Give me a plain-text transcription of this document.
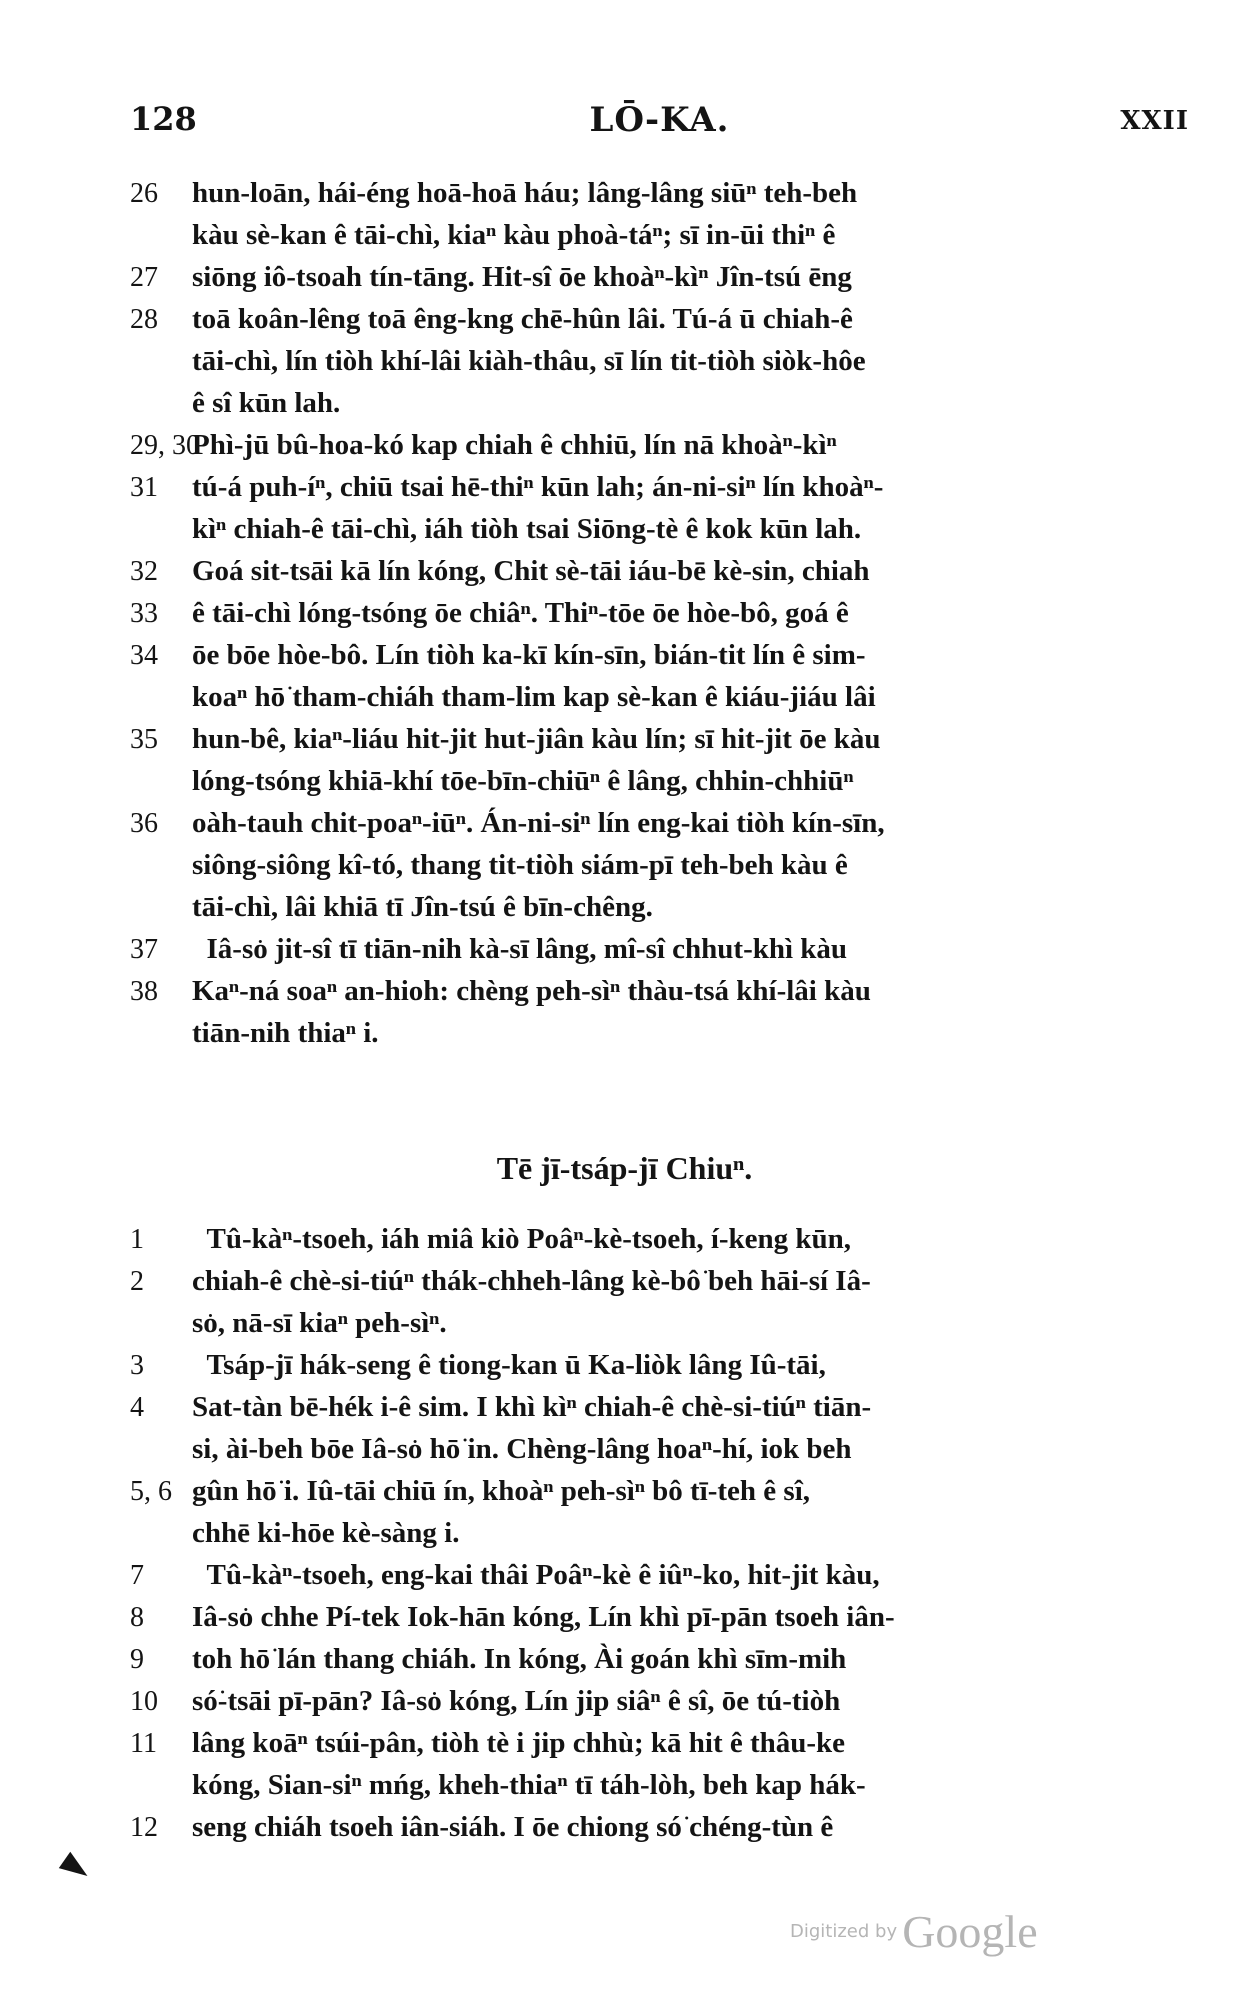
128	LŌ-KA.	XXII
26 hun-loān, hái-éng hoā-hoā háu; lâng-lâng siūⁿ teh-beh
kàu sè-kan ê tāi-chì, kiaⁿ kàu phoà-táⁿ; sī in-ūi thiⁿ ê
27 siōng iô-tsoah tín-tāng. Hit-sî ōe khoàⁿ-kìⁿ Jîn-tsú ēng
28 toā koân-lêng toā êng-kng chē-hûn lâi. Tú-á ū chiah-ê
tāi-chì, lín tiòh khí-lâi kiàh-thâu, sī lín tit-tiòh siòk-hôe
ê sî kūn lah.
29, 30Phì-jū bû-hoa-kó kap chiah ê chhiū, lín nā khoàⁿ-kìⁿ
31 tú-á puh-íⁿ, chiū tsai hē-thiⁿ kūn lah; án-ni-siⁿ lín khoàⁿ-
kìⁿ chiah-ê tāi-chì, iáh tiòh tsai Siōng-tè ê kok kūn lah.
32 Goá sit-tsāi kā lín kóng, Chit sè-tāi iáu-bē kè-sin, chiah
33 ê tāi-chì lóng-tsóng ōe chiâⁿ. Thiⁿ-tōe ōe hòe-bô, goá ê
34 ōe bōe hòe-bô. Lín tiòh ka-kī kín-sīn, bián-tit lín ê sim-
koaⁿ hō͘ tham-chiáh tham-lim kap sè-kan ê kiáu-jiáu lâi
35 hun-bê, kiaⁿ-liáu hit-jit hut-jiân kàu lín; sī hit-jit ōe kàu
lóng-tsóng khiā-khí tōe-bīn-chiūⁿ ê lâng, chhin-chhiūⁿ
36 oàh-tauh chit-poaⁿ-iūⁿ. Án-ni-siⁿ lín eng-kai tiòh kín-sīn,
siông-siông kî-tó, thang tit-tiòh siám-pī teh-beh kàu ê
tāi-chì, lâi khiā tī Jîn-tsú ê bīn-chêng.
37  Iâ-so͘ jit-sî tī tiān-nih kà-sī lâng, mî-sî chhut-khì kàu
38 Kaⁿ-ná soaⁿ an-hioh: chèng peh-sìⁿ thàu-tsá khí-lâi kàu
tiān-nih thiaⁿ i.
Tē jī-tsáp-jī Chiuⁿ.
1  Tû-kàⁿ-tsoeh, iáh miâ kiò Poâⁿ-kè-tsoeh, í-keng kūn,
2 chiah-ê chè-si-tiúⁿ thák-chheh-lâng kè-bô͘ beh hāi-sí Iâ-
so͘, nā-sī kiaⁿ peh-sìⁿ.
3  Tsáp-jī hák-seng ê tiong-kan ū Ka-liòk lâng Iû-tāi,
4 Sat-tàn bē-hék i-ê sim. I khì kìⁿ chiah-ê chè-si-tiúⁿ tiān-
si, ài-beh bōe Iâ-so͘ hō͘ in. Chèng-lâng hoaⁿ-hí, iok beh
5, 6 gûn hō͘ i. Iû-tāi chiū ín, khoàⁿ peh-sìⁿ bô tī-teh ê sî,
chhē ki-hōe kè-sàng i.
7  Tû-kàⁿ-tsoeh, eng-kai thâi Poâⁿ-kè ê iûⁿ-ko, hit-jit kàu,
8 Iâ-so͘ chhe Pí-tek Iok-hān kóng, Lín khì pī-pān tsoeh iân-
9 toh hō͘ lán thang chiáh. In kóng, Ài goán khì sīm-mih
10 só͘-tsāi pī-pān? Iâ-so͘ kóng, Lín jip siâⁿ ê sî, ōe tú-tiòh
11 lâng koāⁿ tsúi-pân, tiòh tè i jip chhù; kā hit ê thâu-ke
kóng, Sian-siⁿ mńg, kheh-thiaⁿ tī táh-lòh, beh kap hák-
12 seng chiáh tsoeh iân-siáh. I ōe chiong só͘ chéng-tùn ê
Digitized by Google
